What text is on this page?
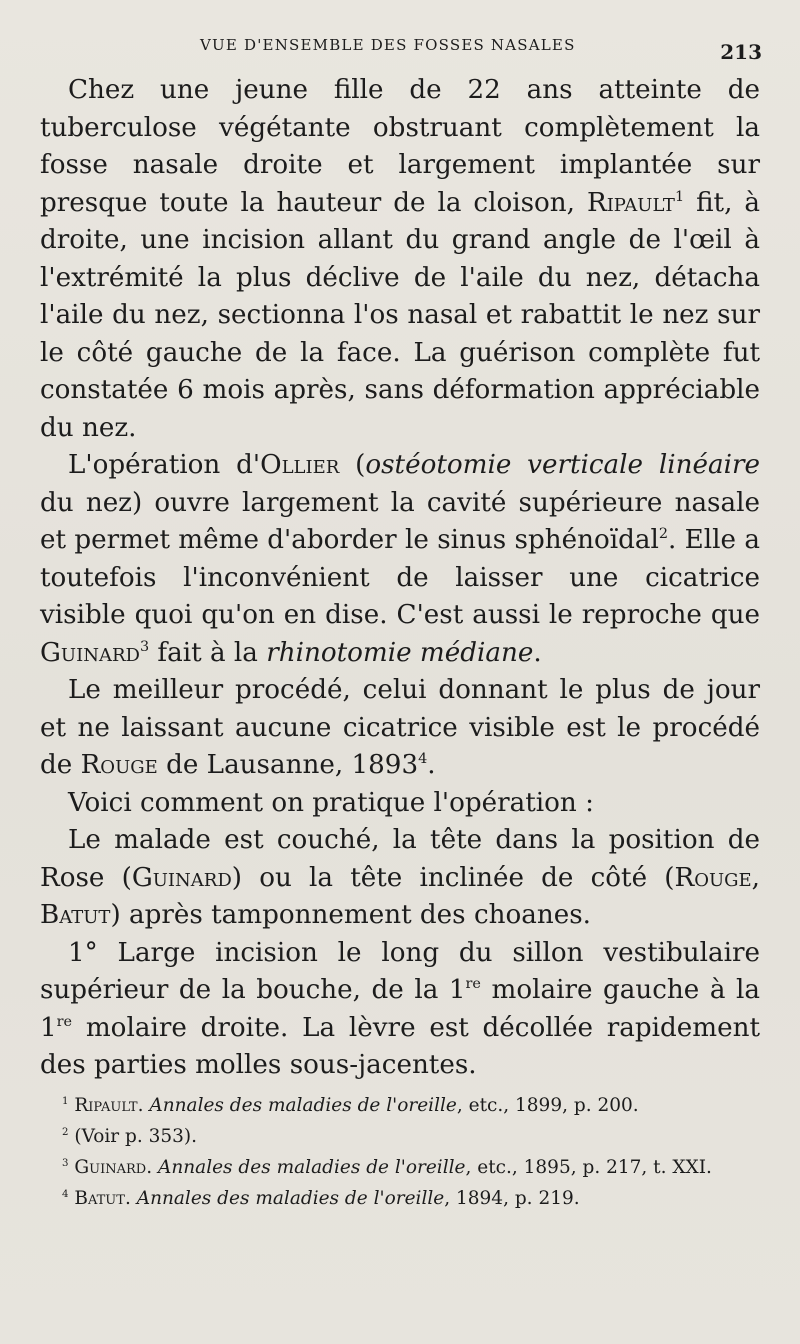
VUE D'ENSEMBLE DES FOSSES NASALES	213

Chez une jeune fille de 22 ans atteinte de tuberculose végétante obstruant complètement la fosse nasale droite et largement implantée sur presque toute la hauteur de la cloison, Ripault$^1$ fit, à droite, une incision allant du grand angle de l'œil à l'extrémité la plus déclive de l'aile du nez, détacha l'aile du nez, sectionna l'os nasal et rabattit le nez sur le côté gauche de la face. La guérison complète fut constatée 6 mois après, sans déformation appréciable du nez.

L'opération d'Ollier (ostéotomie verticale linéaire du nez) ouvre largement la cavité supérieure nasale et permet même d'aborder le sinus sphénoïdal$^2$. Elle a toutefois l'inconvénient de laisser une cicatrice visible quoi qu'on en dise. C'est aussi le reproche que Guinard$^3$ fait à la rhinotomie médiane.

Le meilleur procédé, celui donnant le plus de jour et ne laissant aucune cicatrice visible est le procédé de Rouge de Lausanne, 1893$^4$.

Voici comment on pratique l'opération :

Le malade est couché, la tête dans la position de Rose (Guinard) ou la tête inclinée de côté (Rouge, Batut) après tamponnement des choanes.

1° Large incision le long du sillon vestibulaire supérieur de la bouche, de la 1re molaire gauche à la 1re molaire droite. La lèvre est décollée rapidement des parties molles sous-jacentes.

$^1$ Ripault. Annales des maladies de l'oreille, etc., 1899, p. 200.

$^2$ (Voir p. 353).

$^3$ Guinard. Annales des maladies de l'oreille, etc., 1895, p. 217, t. XXI.

$^4$ Batut. Annales des maladies de l'oreille, 1894, p. 219.
